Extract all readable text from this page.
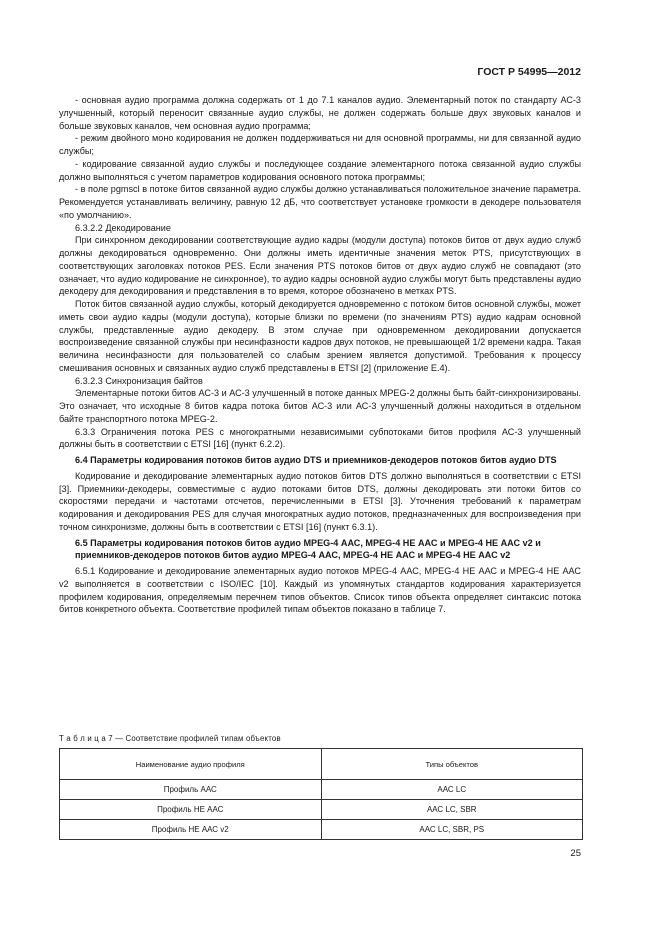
ГОСТ Р 54995—2012

- основная аудио программа должна содержать от 1 до 7.1 каналов аудио. Элементарный поток по стандарту АС-3 улучшенный, который переносит связанные аудио службы, не должен содержать больше двух звуковых каналов и больше звуковых каналов, чем основная аудио программа;

- режим двойного моно кодирования не должен поддерживаться ни для основной программы, ни для связанной аудио службы;

- кодирование связанной аудио службы и последующее создание элементарного потока связанной аудио службы должно выполняться с учетом параметров кодирования основного потока программы;

- в поле pgmscl в потоке битов связанной аудио службы должно устанавливаться положительное значение параметра. Рекомендуется устанавливать величину, равную 12 дБ, что соответствует установке громкости в декодере пользователя «по умолчанию».

6.3.2.2 Декодирование

При синхронном декодировании соответствующие аудио кадры (модули доступа) потоков битов от двух аудио служб должны декодироваться одновременно. Они должны иметь идентичные значения меток PTS, присутствующих в соответствующих заголовках потоков PES. Если значения PTS потоков битов от двух аудио служб не совпадают (это означает, что аудио кодирование не синхронное), то аудио кадры основной аудио службы могут быть представлены аудио декодеру для декодирования и представления в то время, которое обозначено в метках PTS.

Поток битов связанной аудио службы, который декодируется одновременно с потоком битов основной службы, может иметь свои аудио кадры (модули доступа), которые близки по времени (по значениям PTS) аудио кадрам основной службы, представленные аудио декодеру. В этом случае при одновременном декодировании допускается воспроизведение связанной службы при несинфазности кадров двух потоков, не превышающей 1/2 времени кадра. Такая величина несинфазности для пользователей со слабым зрением является допустимой. Требования к процессу смешивания основных и связанных аудио служб представлены в ETSI [2] (приложение Е.4).

6.3.2.3 Синхронизация байтов

Элементарные потоки битов АС-3 и АС-3 улучшенный в потоке данных MPEG-2 должны быть байт-синхронизированы. Это означает, что исходные 8 битов кадра потока битов АС-3 или АС-3 улучшенный должны находиться в отдельном байте транспортного потока MPEG-2.

6.3.3 Ограничения потока PES с многократными независимыми субпотоками битов профиля АС-3 улучшенный должны быть в соответствии с ETSI [16] (пункт 6.2.2).

6.4 Параметры кодирования потоков битов аудио DTS и приемников-декодеров потоков битов аудио DTS

Кодирование и декодирование элементарных аудио потоков битов DTS должно выполняться в соответствии с ETSI [3]. Приемники-декодеры, совместимые с аудио потоками битов DTS, должны декодировать эти потоки битов со скоростями передачи и частотами отсчетов, перечисленными в ETSI [3]. Уточнения требований к параметрам кодирования и декодирования PES для случая многократных аудио потоков, предназначенных для воспроизведения при точном синхронизме, должны быть в соответствии с ETSI [16] (пункт 6.3.1).

6.5 Параметры кодирования потоков битов аудио MPEG-4 ААС, MPEG-4 НЕ ААС и MPEG-4 НЕ ААС v2 и приемников-декодеров потоков битов аудио MPEG-4 ААС, MPEG-4 НЕ ААС и MPEG-4 НЕ ААС v2

6.5.1 Кодирование и декодирование элементарных аудио потоков MPEG-4 ААС, MPEG-4 НЕ ААС и MPEG-4 НЕ ААС v2 выполняется в соответствии с ISO/IEC [10]. Каждый из упомянутых стандартов кодирования характеризуется профилем кодирования, определяемым перечнем типов объектов. Список типов объекта определяет синтаксис потока битов конкретного объекта. Соответствие профилей типам объектов показано в таблице 7.

Т а б л и ц а 7 — Соответствие профилей типам объектов
Наименование аудио профиля	Типы объектов
Профиль ААС	ААС LC
Профиль НЕ ААС	ААС LC, SBR
Профиль НЕ ААС v2	ААС LC, SBR, PS
25
